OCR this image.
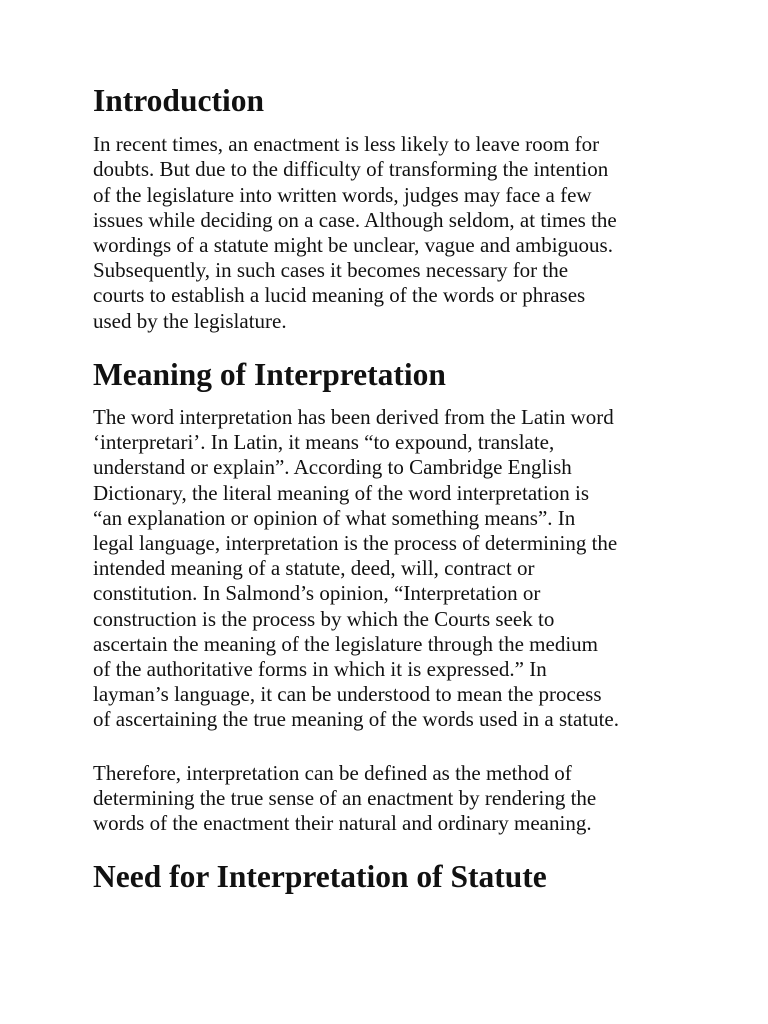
Introduction

In recent times, an enactment is less likely to leave room for
doubts. But due to the difficulty of transforming the intention
of the legislature into written words, judges may face a few
issues while deciding on a case. Although seldom, at times the
wordings of a statute might be unclear, vague and ambiguous.
Subsequently, in such cases it becomes necessary for the
courts to establish a lucid meaning of the words or phrases
used by the legislature.

Meaning of Interpretation

The word interpretation has been derived from the Latin word
‘interpretari’. In Latin, it means “to expound, translate,
understand or explain”. According to Cambridge English
Dictionary, the literal meaning of the word interpretation is
“an explanation or opinion of what something means”. In
legal language, interpretation is the process of determining the
intended meaning of a statute, deed, will, contract or
constitution. In Salmond’s opinion, “Interpretation or
construction is the process by which the Courts seek to
ascertain the meaning of the legislature through the medium
of the authoritative forms in which it is expressed.” In
layman’s language, it can be understood to mean the process
of ascertaining the true meaning of the words used in a statute.

Therefore, interpretation can be defined as the method of
determining the true sense of an enactment by rendering the
words of the enactment their natural and ordinary meaning.

Need for Interpretation of Statute
